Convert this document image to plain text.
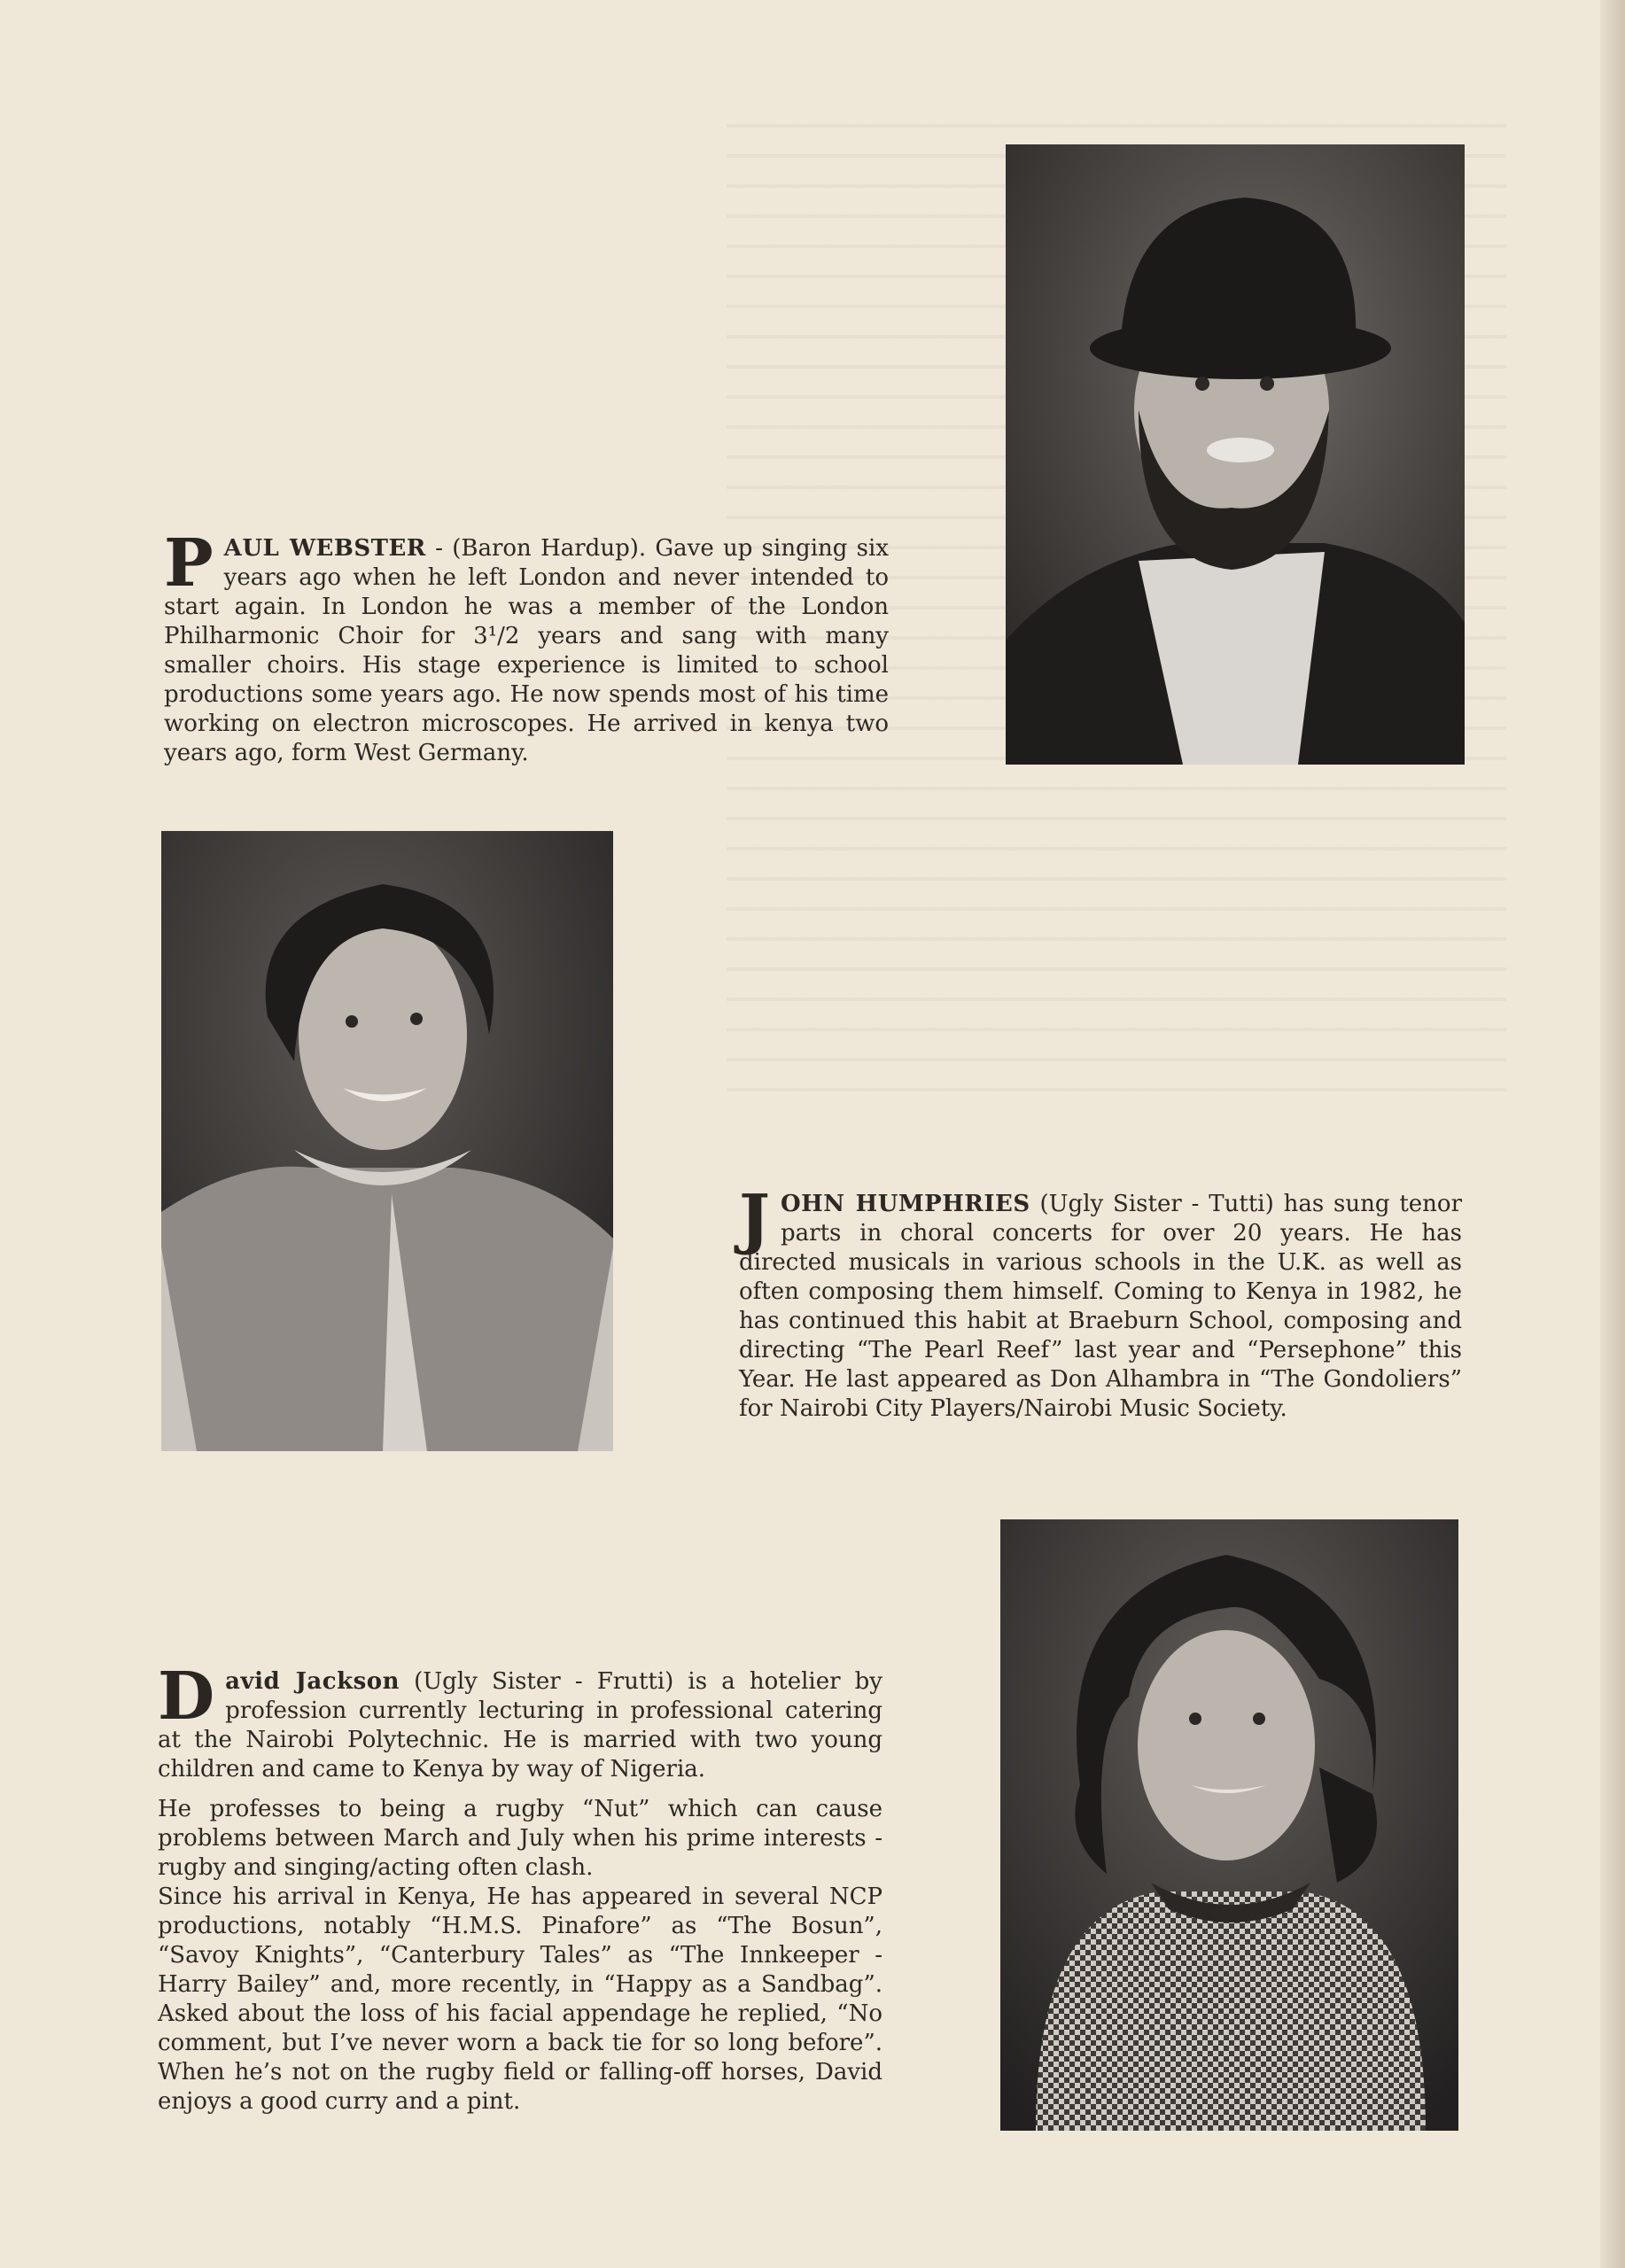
P AUL WEBSTER - (Baron Hardup). Gave up singing six years ago when he left London and never intended to start again. In London he was a member of the London Philharmonic Choir for 3¹/2 years and sang with many smaller choirs. His stage experience is limited to school productions some years ago. He now spends most of his time working on electron microscopes. He arrived in kenya two years ago, form West Germany.

J OHN HUMPHRIES (Ugly Sister - Tutti) has sung tenor parts in choral concerts for over 20 years. He has directed musicals in various schools in the U.K. as well as often composing them himself. Coming to Kenya in 1982, he has continued this habit at Braeburn School, composing and directing “The Pearl Reef” last year and “Persephone” this Year. He last appeared as Don Alhambra in “The Gondoliers” for Nairobi City Players/Nairobi Music Society.

D avid Jackson (Ugly Sister - Frutti) is a hotelier by profession currently lecturing in professional catering at the Nairobi Polytechnic. He is married with two young children and came to Kenya by way of Nigeria.

He professes to being a rugby “Nut” which can cause problems between March and July when his prime interests - rugby and singing/acting often clash.

Since his arrival in Kenya, He has appeared in several NCP productions, notably “H.M.S. Pinafore” as “The Bosun”, “Savoy Knights”, “Canterbury Tales” as “The Innkeeper - Harry Bailey” and, more recently, in “Happy as a Sandbag”. Asked about the loss of his facial appendage he replied, “No comment, but I’ve never worn a back tie for so long before”. When he’s not on the rugby field or falling-off horses, David enjoys a good curry and a pint.
